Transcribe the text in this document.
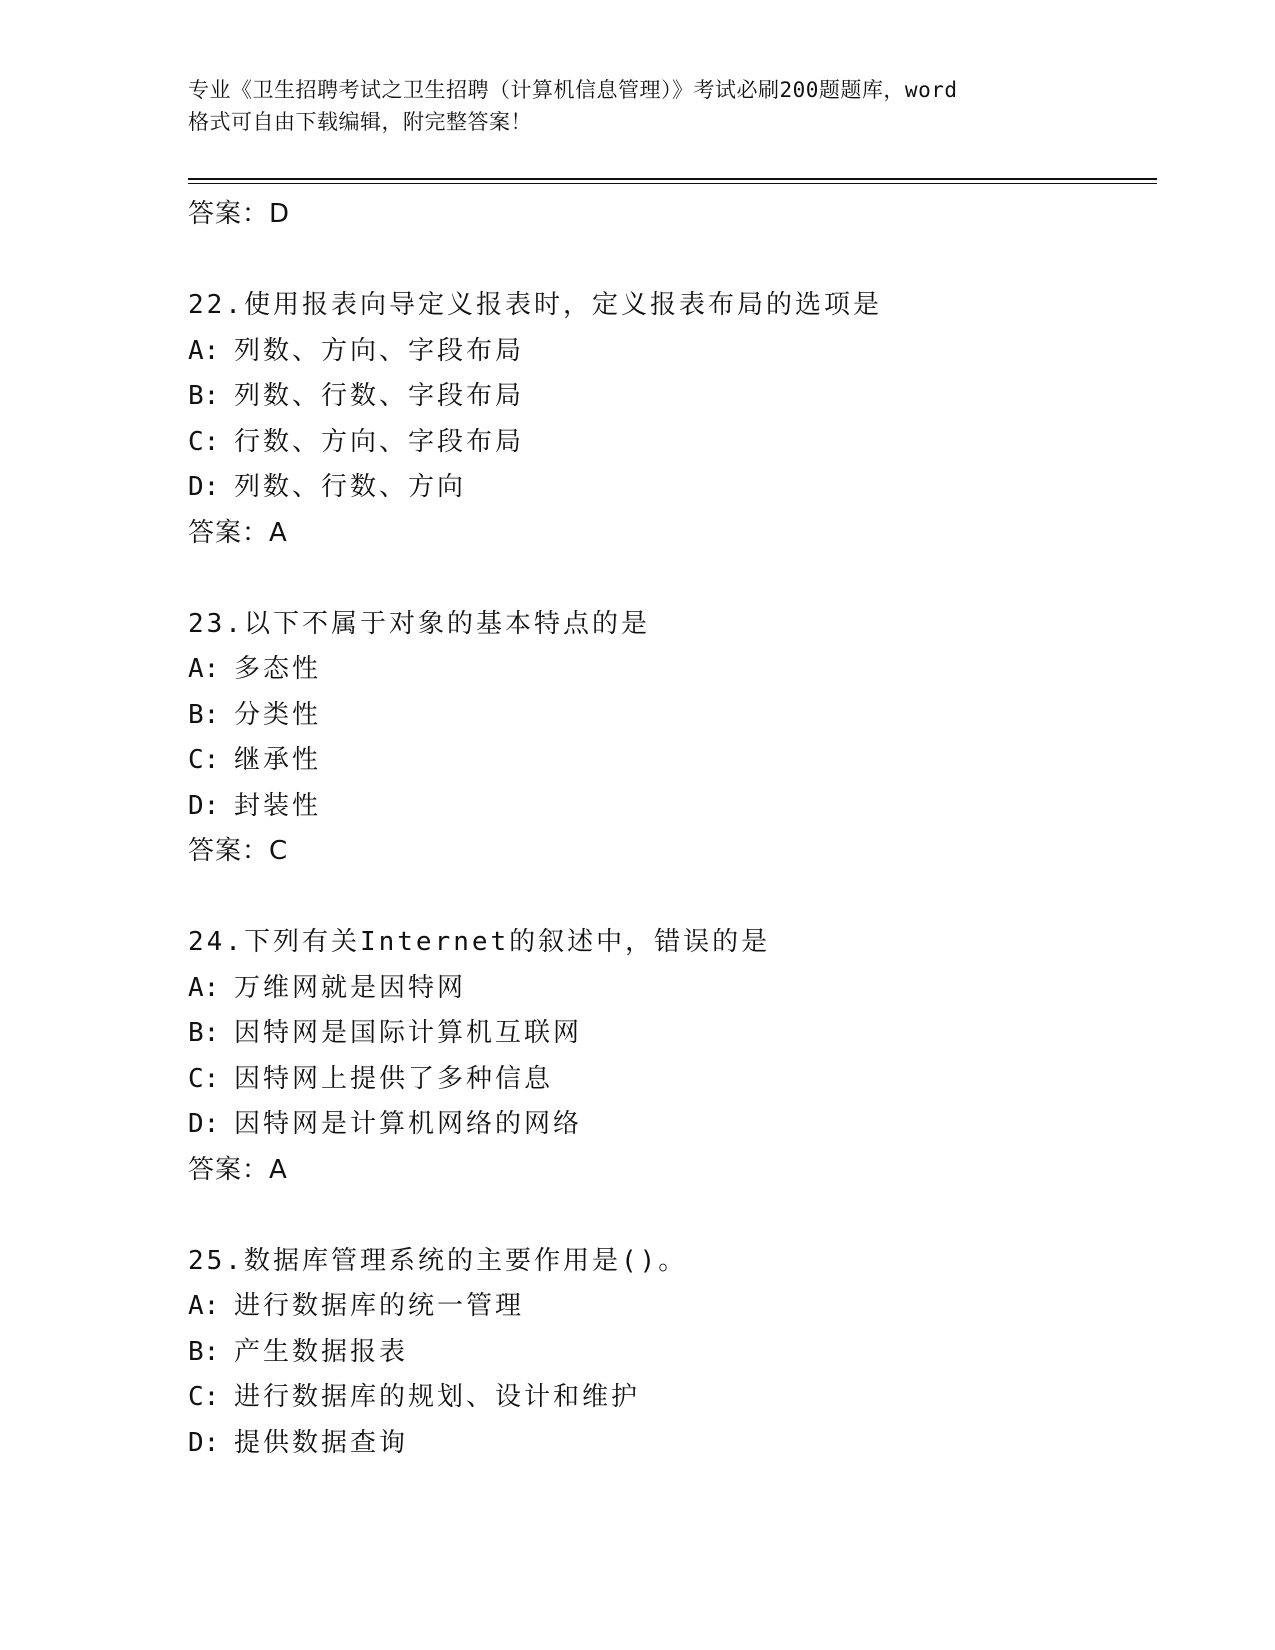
专业《卫生招聘考试之卫生招聘（计算机信息管理）》考试必刷200题题库，word

格式可自由下载编辑，附完整答案！

答案：D

22.使用报表向导定义报表时，定义报表布局的选项是

A: 列数、方向、字段布局

B: 列数、行数、字段布局

C: 行数、方向、字段布局

D: 列数、行数、方向

答案：A

23.以下不属于对象的基本特点的是

A: 多态性

B: 分类性

C: 继承性

D: 封装性

答案：C

24.下列有关Internet的叙述中，错误的是

A: 万维网就是因特网

B: 因特网是国际计算机互联网

C: 因特网上提供了多种信息

D: 因特网是计算机网络的网络

答案：A

25.数据库管理系统的主要作用是()。

A: 进行数据库的统一管理

B: 产生数据报表

C: 进行数据库的规划、设计和维护

D: 提供数据查询
